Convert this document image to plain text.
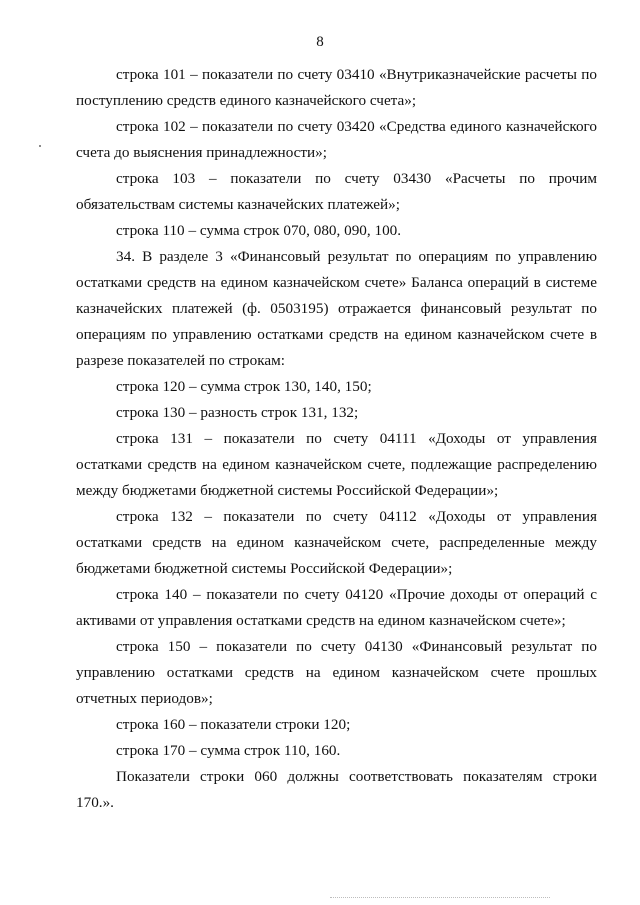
8

строка 101 – показатели по счету 03410 «Внутриказначейские расчеты по поступлению средств единого казначейского счета»;

строка 102 – показатели по счету 03420 «Средства единого казначейского счета до выяснения принадлежности»;

строка 103 – показатели по счету 03430 «Расчеты по прочим обязательствам системы казначейских платежей»;

строка 110 – сумма строк 070, 080, 090, 100.

34. В разделе 3 «Финансовый результат по операциям по управлению остатками средств на едином казначейском счете» Баланса операций в системе казначейских платежей (ф. 0503195) отражается финансовый результат по операциям по управлению остатками средств на едином казначейском счете в разрезе показателей по строкам:

строка 120 – сумма строк 130, 140, 150;

строка 130 – разность строк 131, 132;

строка 131 – показатели по счету 04111 «Доходы от управления остатками средств на едином казначейском счете, подлежащие распределению между бюджетами бюджетной системы Российской Федерации»;

строка 132 – показатели по счету 04112 «Доходы от управления остатками средств на едином казначейском счете, распределенные между бюджетами бюджетной системы Российской Федерации»;

строка 140 – показатели по счету 04120 «Прочие доходы от операций с активами от управления остатками средств на едином казначейском счете»;

строка 150 – показатели по счету 04130 «Финансовый результат по управлению остатками средств на едином казначейском счете прошлых отчетных периодов»;

строка 160 – показатели строки 120;

строка 170 – сумма строк 110, 160.

Показатели строки 060 должны соответствовать показателям строки 170.».
